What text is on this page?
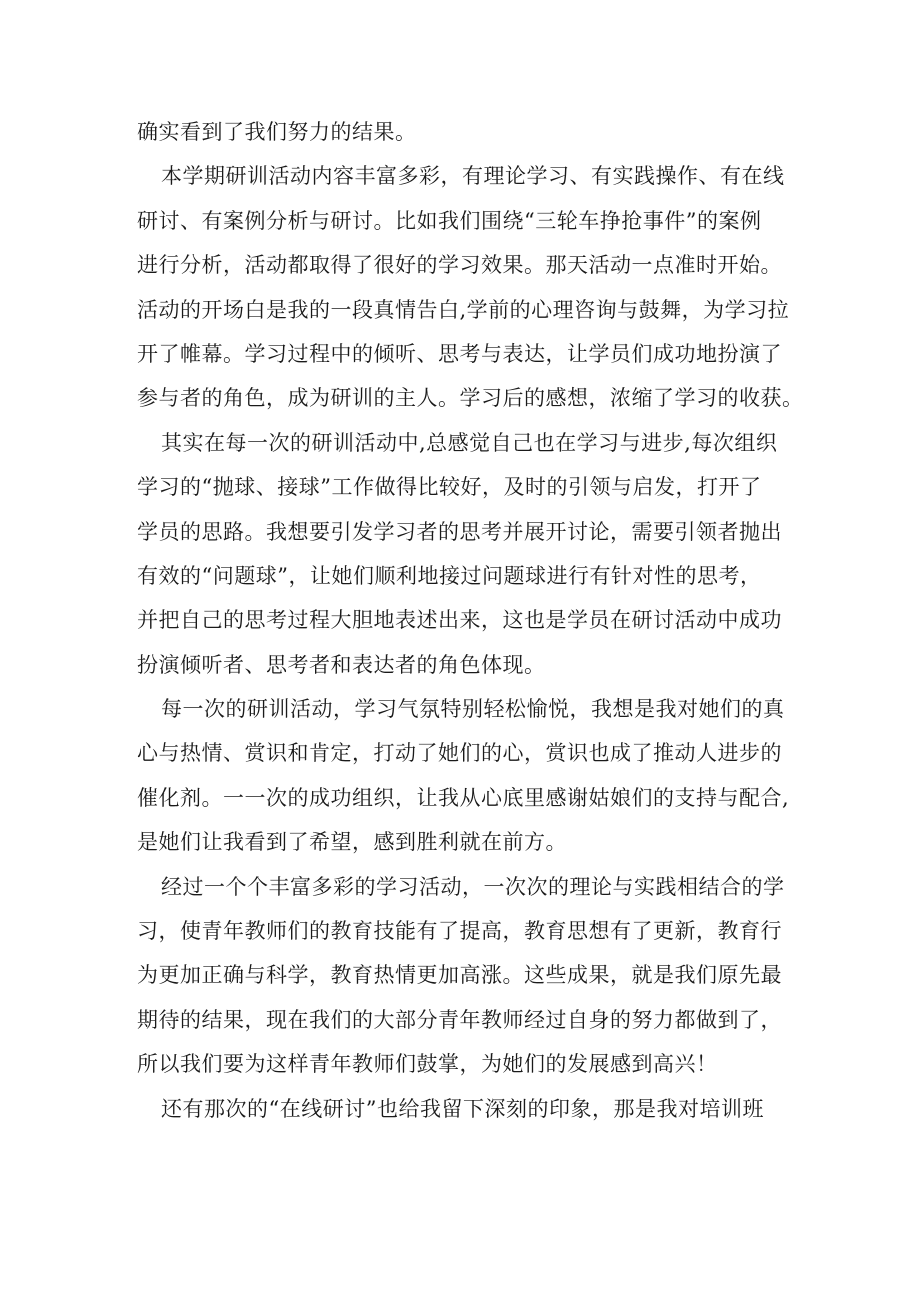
确实看到了我们努力的结果。
本学期研训活动内容丰富多彩，有理论学习、有实践操作、有在线
研讨、有案例分析与研讨。比如我们围绕“三轮车挣抢事件”的案例
进行分析，活动都取得了很好的学习效果。那天活动一点准时开始。
活动的开场白是我的一段真情告白,学前的心理咨询与鼓舞，为学习拉
开了帷幕。学习过程中的倾听、思考与表达，让学员们成功地扮演了
参与者的角色，成为研训的主人。学习后的感想，浓缩了学习的收获。
其实在每一次的研训活动中,总感觉自己也在学习与进步,每次组织
学习的“抛球、接球”工作做得比较好，及时的引领与启发，打开了
学员的思路。我想要引发学习者的思考并展开讨论，需要引领者抛出
有效的“问题球”，让她们顺利地接过问题球进行有针对性的思考，
并把自己的思考过程大胆地表述出来，这也是学员在研讨活动中成功
扮演倾听者、思考者和表达者的角色体现。
每一次的研训活动，学习气氛特别轻松愉悦，我想是我对她们的真
心与热情、赏识和肯定，打动了她们的心，赏识也成了推动人进步的
催化剂。一一次的成功组织，让我从心底里感谢姑娘们的支持与配合,
是她们让我看到了希望，感到胜利就在前方。
经过一个个丰富多彩的学习活动，一次次的理论与实践相结合的学
习，使青年教师们的教育技能有了提高，教育思想有了更新，教育行
为更加正确与科学，教育热情更加高涨。这些成果，就是我们原先最
期待的结果，现在我们的大部分青年教师经过自身的努力都做到了，
所以我们要为这样青年教师们鼓掌，为她们的发展感到高兴！
还有那次的“在线研讨”也给我留下深刻的印象，那是我对培训班
